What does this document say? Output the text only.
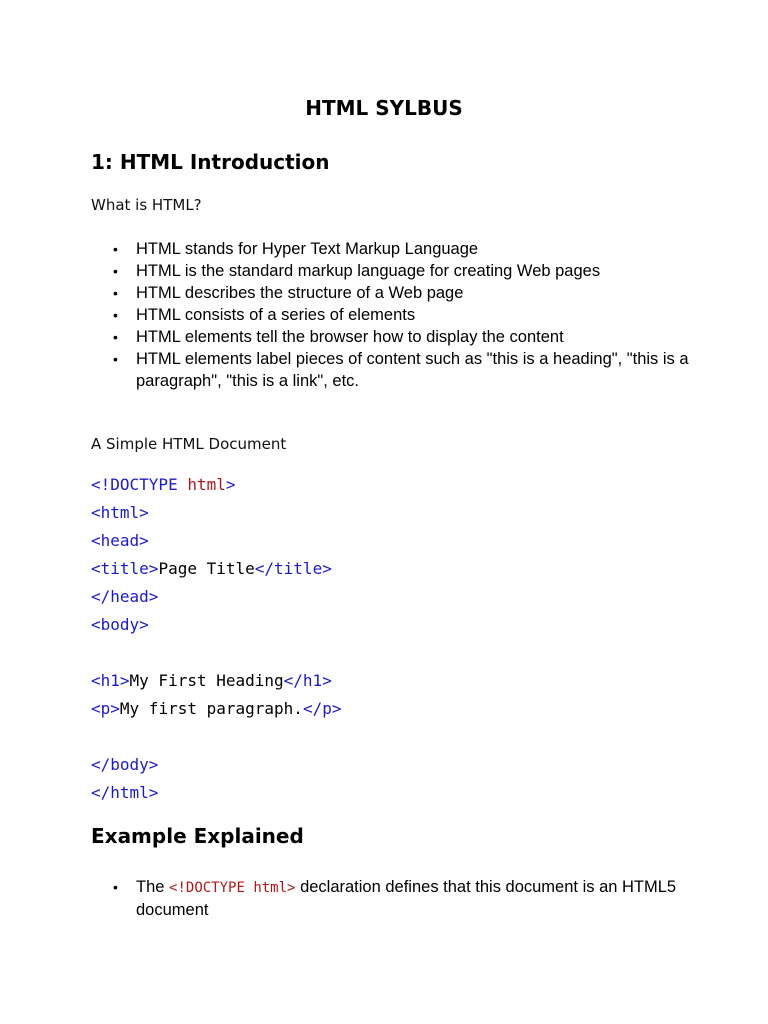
HTML SYLBUS
1: HTML Introduction

What is HTML?

• HTML stands for Hyper Text Markup Language
• HTML is the standard markup language for creating Web pages
• HTML describes the structure of a Web page
• HTML consists of a series of elements
• HTML elements tell the browser how to display the content
• HTML elements label pieces of content such as "this is a heading", "this is a paragraph", "this is a link", etc.

A Simple HTML Document

<!DOCTYPE html>
<html>
<head>
<title>Page Title</title>
</head>
<body>
<h1>My First Heading</h1>
<p>My first paragraph.</p>
</body>
</html>
Example Explained
• The <!DOCTYPE html> declaration defines that this document is an HTML5 document
